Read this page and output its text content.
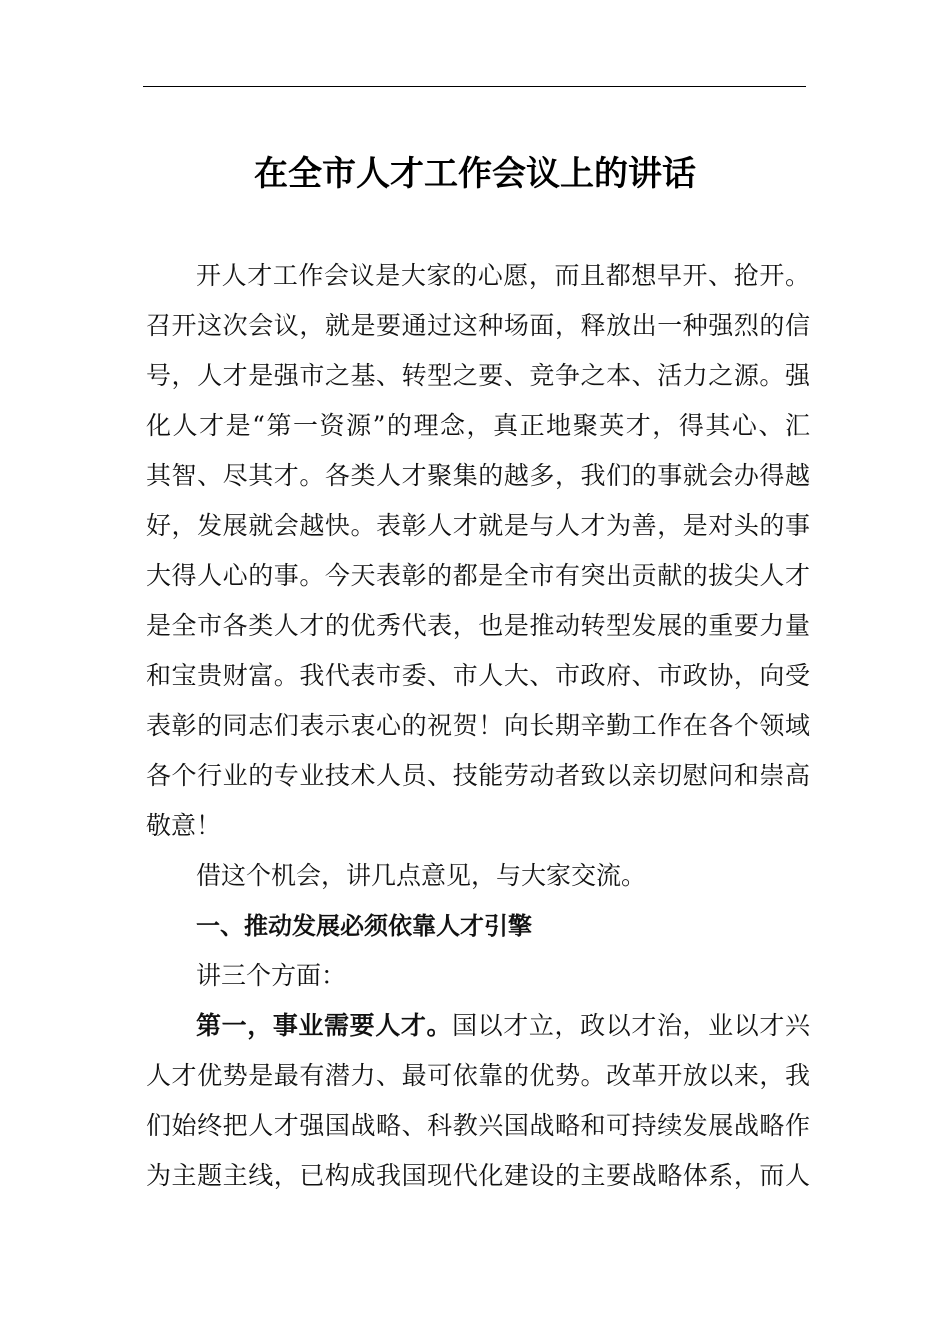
在全市人才工作会议上的讲话
开人才工作会议是大家的心愿，而且都想早开、抢开。
召开这次会议，就是要通过这种场面，释放出一种强烈的信
号，人才是强市之基、转型之要、竞争之本、活力之源。强
化人才是“第一资源”的理念，真正地聚英才，得其心、汇
其智、尽其才。各类人才聚集的越多，我们的事就会办得越
好，发展就会越快。表彰人才就是与人才为善，是对头的事
大得人心的事。今天表彰的都是全市有突出贡献的拔尖人才
是全市各类人才的优秀代表，也是推动转型发展的重要力量
和宝贵财富。我代表市委、市人大、市政府、市政协，向受
表彰的同志们表示衷心的祝贺！向长期辛勤工作在各个领域
各个行业的专业技术人员、技能劳动者致以亲切慰问和崇高
敬意！
借这个机会，讲几点意见，与大家交流。
一、推动发展必须依靠人才引擎
讲三个方面：
第一，事业需要人才。国以才立，政以才治，业以才兴
人才优势是最有潜力、最可依靠的优势。改革开放以来，我
们始终把人才强国战略、科教兴国战略和可持续发展战略作
为主题主线，已构成我国现代化建设的主要战略体系，而人
